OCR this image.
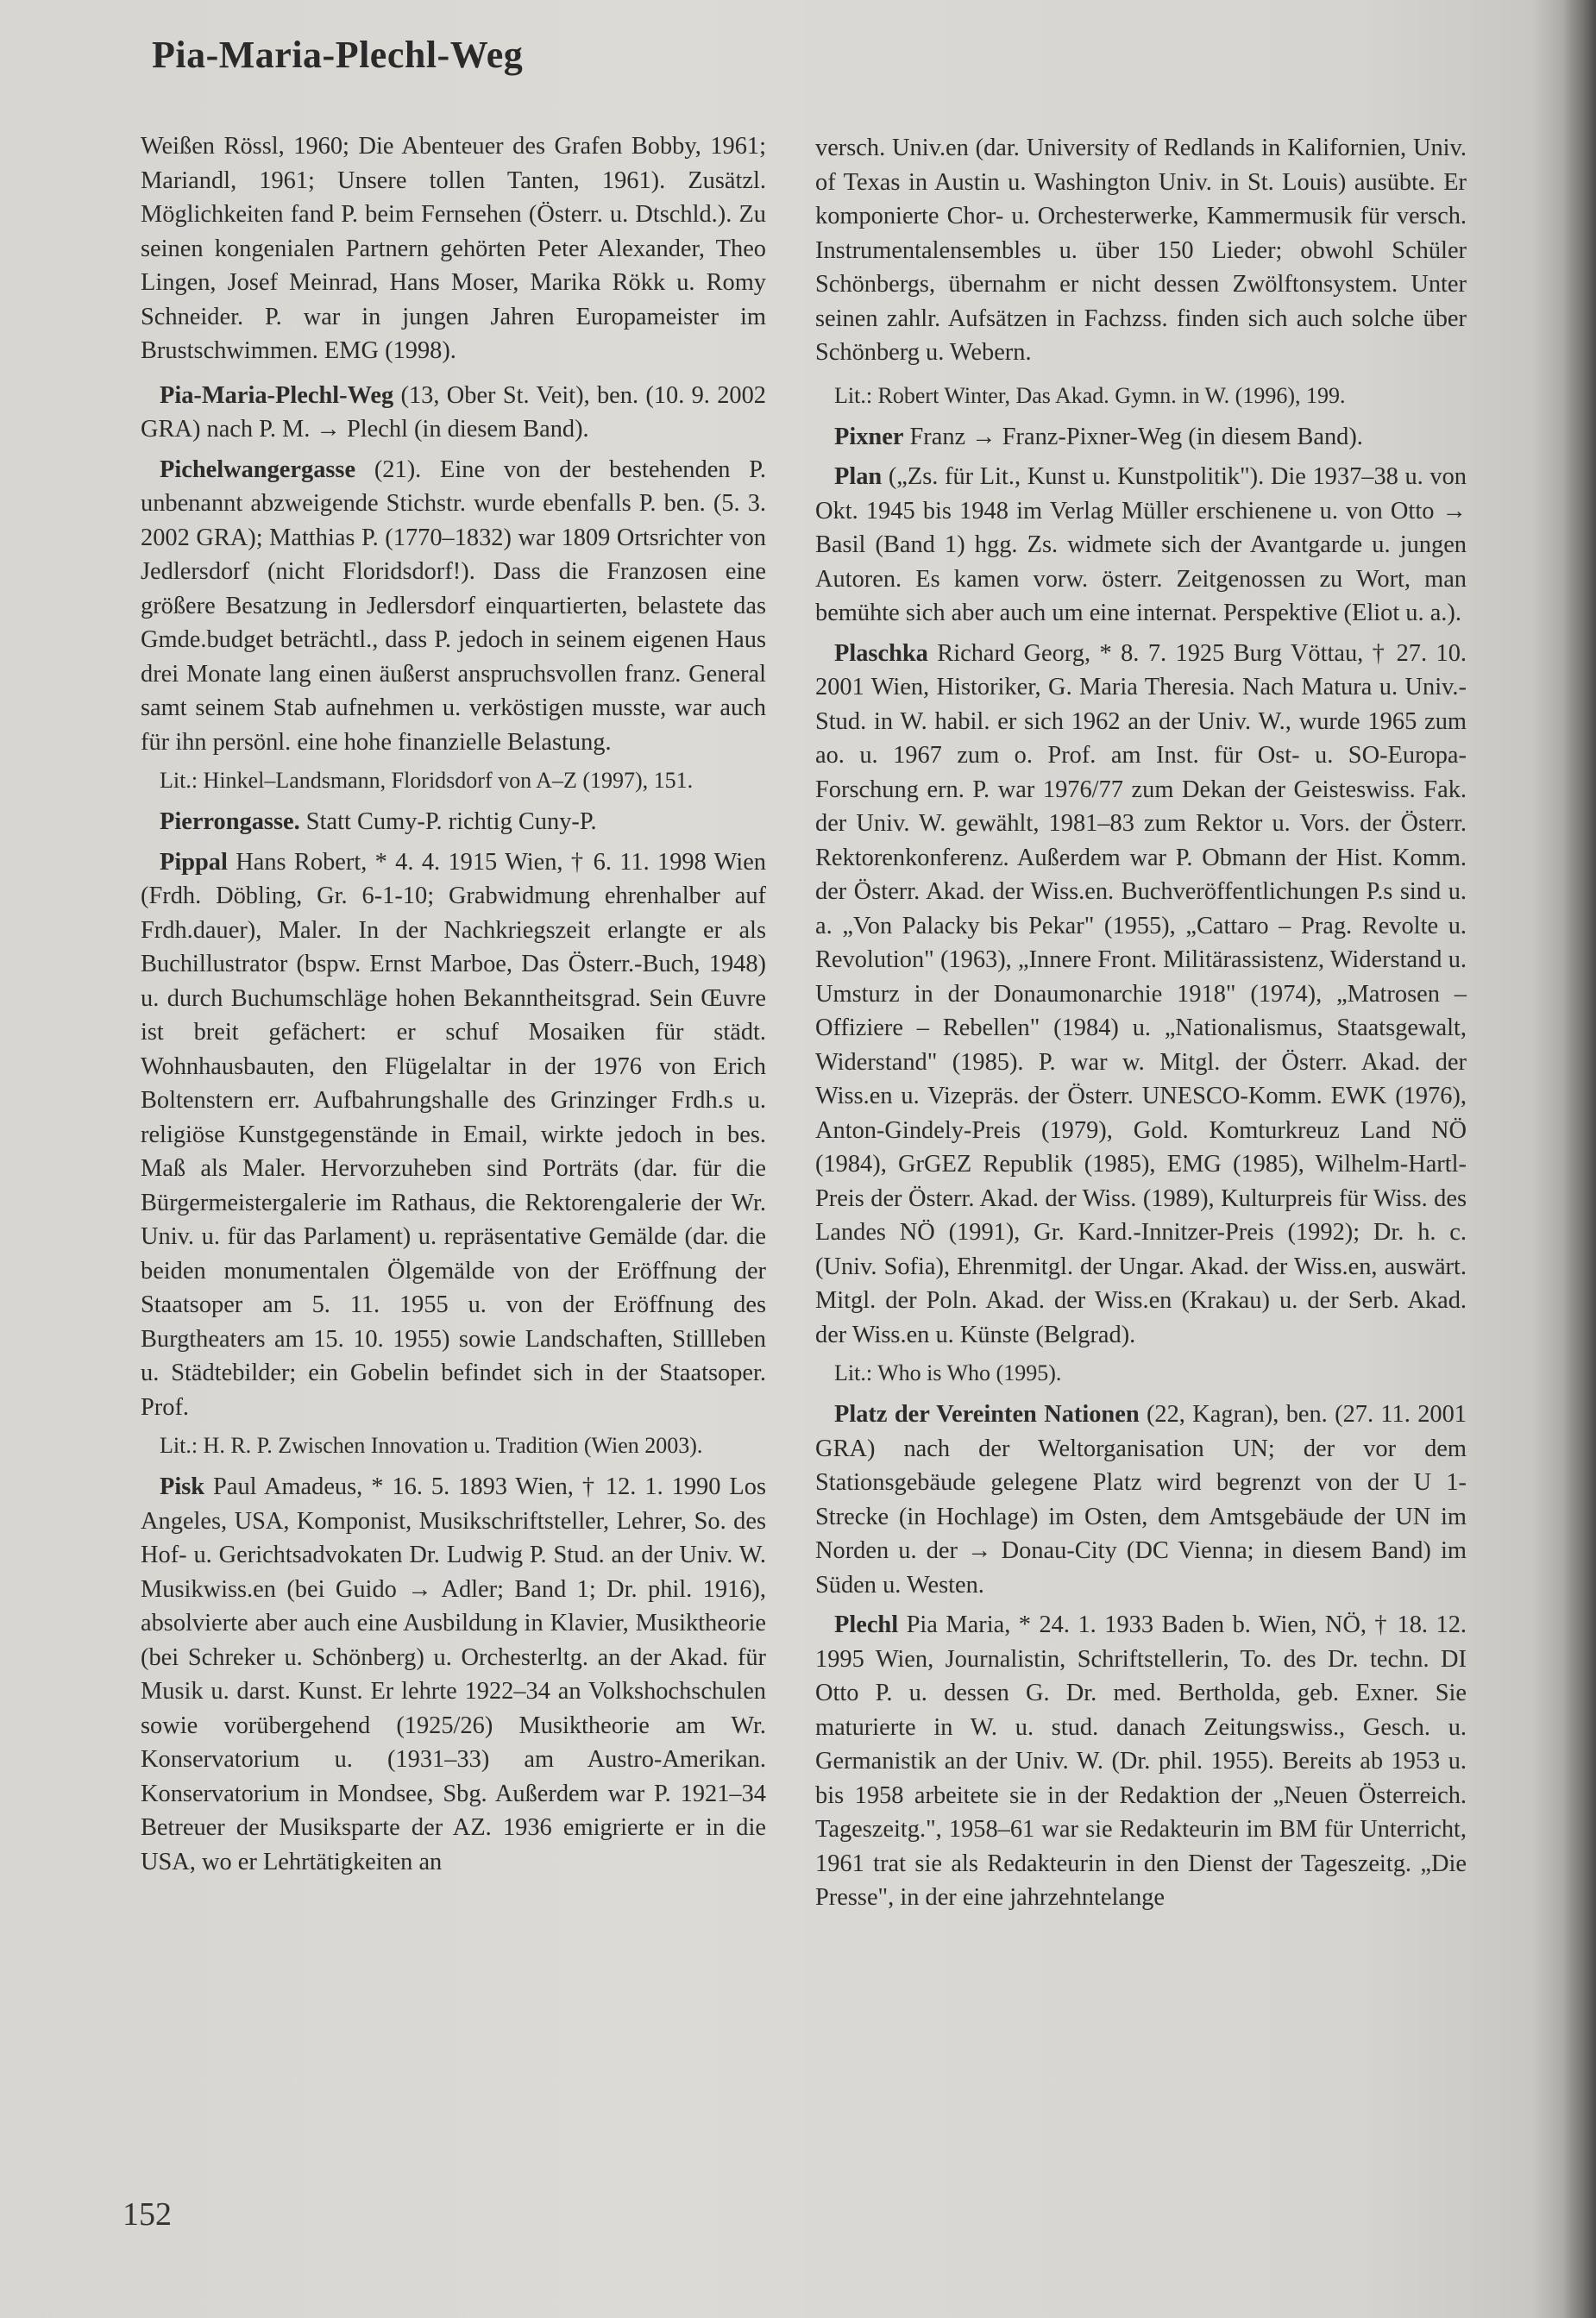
Pia-Maria-Plechl-Weg

Weißen Rössl, 1960; Die Abenteuer des Grafen Bobby, 1961; Mariandl, 1961; Unsere tollen Tanten, 1961). Zusätzl. Möglichkeiten fand P. beim Fernsehen (Österr. u. Dtschld.). Zu seinen kongenialen Partnern gehörten Peter Alexander, Theo Lingen, Josef Meinrad, Hans Moser, Marika Rökk u. Romy Schneider. P. war in jungen Jahren Europameister im Brustschwimmen. EMG (1998).

Pia-Maria-Plechl-Weg (13, Ober St. Veit), ben. (10. 9. 2002 GRA) nach P. M. → Plechl (in diesem Band).

Pichelwangergasse (21). Eine von der bestehenden P. unbenannt abzweigende Stichstr. wurde ebenfalls P. ben. (5. 3. 2002 GRA); Matthias P. (1770–1832) war 1809 Ortsrichter von Jedlersdorf (nicht Floridsdorf!). Dass die Franzosen eine größere Besatzung in Jedlersdorf einquartierten, belastete das Gmde.budget beträchtl., dass P. jedoch in seinem eigenen Haus drei Monate lang einen äußerst anspruchsvollen franz. General samt seinem Stab aufnehmen u. verköstigen musste, war auch für ihn persönl. eine hohe finanzielle Belastung.

Lit.: Hinkel–Landsmann, Floridsdorf von A–Z (1997), 151.

Pierrongasse. Statt Cumy-P. richtig Cuny-P.

Pippal Hans Robert, * 4. 4. 1915 Wien, † 6. 11. 1998 Wien (Frdh. Döbling, Gr. 6-1-10; Grabwidmung ehrenhalber auf Frdh.dauer), Maler. In der Nachkriegszeit erlangte er als Buchillustrator (bspw. Ernst Marboe, Das Österr.-Buch, 1948) u. durch Buchumschläge hohen Bekanntheitsgrad. Sein Œuvre ist breit gefächert: er schuf Mosaiken für städt. Wohnhausbauten, den Flügelaltar in der 1976 von Erich Boltenstern err. Aufbahrungshalle des Grinzinger Frdh.s u. religiöse Kunstgegenstände in Email, wirkte jedoch in bes. Maß als Maler. Hervorzuheben sind Porträts (dar. für die Bürgermeistergalerie im Rathaus, die Rektorengalerie der Wr. Univ. u. für das Parlament) u. repräsentative Gemälde (dar. die beiden monumentalen Ölgemälde von der Eröffnung der Staatsoper am 5. 11. 1955 u. von der Eröffnung des Burgtheaters am 15. 10. 1955) sowie Landschaften, Stillleben u. Städtebilder; ein Gobelin befindet sich in der Staatsoper. Prof.

Lit.: H. R. P. Zwischen Innovation u. Tradition (Wien 2003).

Pisk Paul Amadeus, * 16. 5. 1893 Wien, † 12. 1. 1990 Los Angeles, USA, Komponist, Musikschriftsteller, Lehrer, So. des Hof- u. Gerichtsadvokaten Dr. Ludwig P. Stud. an der Univ. W. Musikwiss.en (bei Guido → Adler; Band 1; Dr. phil. 1916), absolvierte aber auch eine Ausbildung in Klavier, Musiktheorie (bei Schreker u. Schönberg) u. Orchesterltg. an der Akad. für Musik u. darst. Kunst. Er lehrte 1922–34 an Volkshochschulen sowie vorübergehend (1925/26) Musiktheorie am Wr. Konservatorium u. (1931–33) am Austro-Amerikan. Konservatorium in Mondsee, Sbg. Außerdem war P. 1921–34 Betreuer der Musiksparte der AZ. 1936 emigrierte er in die USA, wo er Lehrtätigkeiten an

versch. Univ.en (dar. University of Redlands in Kalifornien, Univ. of Texas in Austin u. Washington Univ. in St. Louis) ausübte. Er komponierte Chor- u. Orchesterwerke, Kammermusik für versch. Instrumentalensembles u. über 150 Lieder; obwohl Schüler Schönbergs, übernahm er nicht dessen Zwölftonsystem. Unter seinen zahlr. Aufsätzen in Fachzss. finden sich auch solche über Schönberg u. Webern.

Lit.: Robert Winter, Das Akad. Gymn. in W. (1996), 199.

Pixner Franz → Franz-Pixner-Weg (in diesem Band).

Plan („Zs. für Lit., Kunst u. Kunstpolitik"). Die 1937–38 u. von Okt. 1945 bis 1948 im Verlag Müller erschienene u. von Otto → Basil (Band 1) hgg. Zs. widmete sich der Avantgarde u. jungen Autoren. Es kamen vorw. österr. Zeitgenossen zu Wort, man bemühte sich aber auch um eine internat. Perspektive (Eliot u. a.).

Plaschka Richard Georg, * 8. 7. 1925 Burg Vöttau, † 27. 10. 2001 Wien, Historiker, G. Maria Theresia. Nach Matura u. Univ.-Stud. in W. habil. er sich 1962 an der Univ. W., wurde 1965 zum ao. u. 1967 zum o. Prof. am Inst. für Ost- u. SO-Europa-Forschung ern. P. war 1976/77 zum Dekan der Geisteswiss. Fak. der Univ. W. gewählt, 1981–83 zum Rektor u. Vors. der Österr. Rektorenkonferenz. Außerdem war P. Obmann der Hist. Komm. der Österr. Akad. der Wiss.en. Buchveröffentlichungen P.s sind u. a. „Von Palacky bis Pekar" (1955), „Cattaro – Prag. Revolte u. Revolution" (1963), „Innere Front. Militärassistenz, Widerstand u. Umsturz in der Donaumonarchie 1918" (1974), „Matrosen – Offiziere – Rebellen" (1984) u. „Nationalismus, Staatsgewalt, Widerstand" (1985). P. war w. Mitgl. der Österr. Akad. der Wiss.en u. Vizepräs. der Österr. UNESCO-Komm. EWK (1976), Anton-Gindely-Preis (1979), Gold. Komturkreuz Land NÖ (1984), GrGEZ Republik (1985), EMG (1985), Wilhelm-Hartl-Preis der Österr. Akad. der Wiss. (1989), Kulturpreis für Wiss. des Landes NÖ (1991), Gr. Kard.-Innitzer-Preis (1992); Dr. h. c. (Univ. Sofia), Ehrenmitgl. der Ungar. Akad. der Wiss.en, auswärt. Mitgl. der Poln. Akad. der Wiss.en (Krakau) u. der Serb. Akad. der Wiss.en u. Künste (Belgrad).

Lit.: Who is Who (1995).

Platz der Vereinten Nationen (22, Kagran), ben. (27. 11. 2001 GRA) nach der Weltorganisation UN; der vor dem Stationsgebäude gelegene Platz wird begrenzt von der U 1-Strecke (in Hochlage) im Osten, dem Amtsgebäude der UN im Norden u. der → Donau-City (DC Vienna; in diesem Band) im Süden u. Westen.

Plechl Pia Maria, * 24. 1. 1933 Baden b. Wien, NÖ, † 18. 12. 1995 Wien, Journalistin, Schriftstellerin, To. des Dr. techn. DI Otto P. u. dessen G. Dr. med. Bertholda, geb. Exner. Sie maturierte in W. u. stud. danach Zeitungswiss., Gesch. u. Germanistik an der Univ. W. (Dr. phil. 1955). Bereits ab 1953 u. bis 1958 arbeitete sie in der Redaktion der „Neuen Österreich. Tageszeitg.", 1958–61 war sie Redakteurin im BM für Unterricht, 1961 trat sie als Redakteurin in den Dienst der Tageszeitg. „Die Presse", in der eine jahrzehntelange

152
